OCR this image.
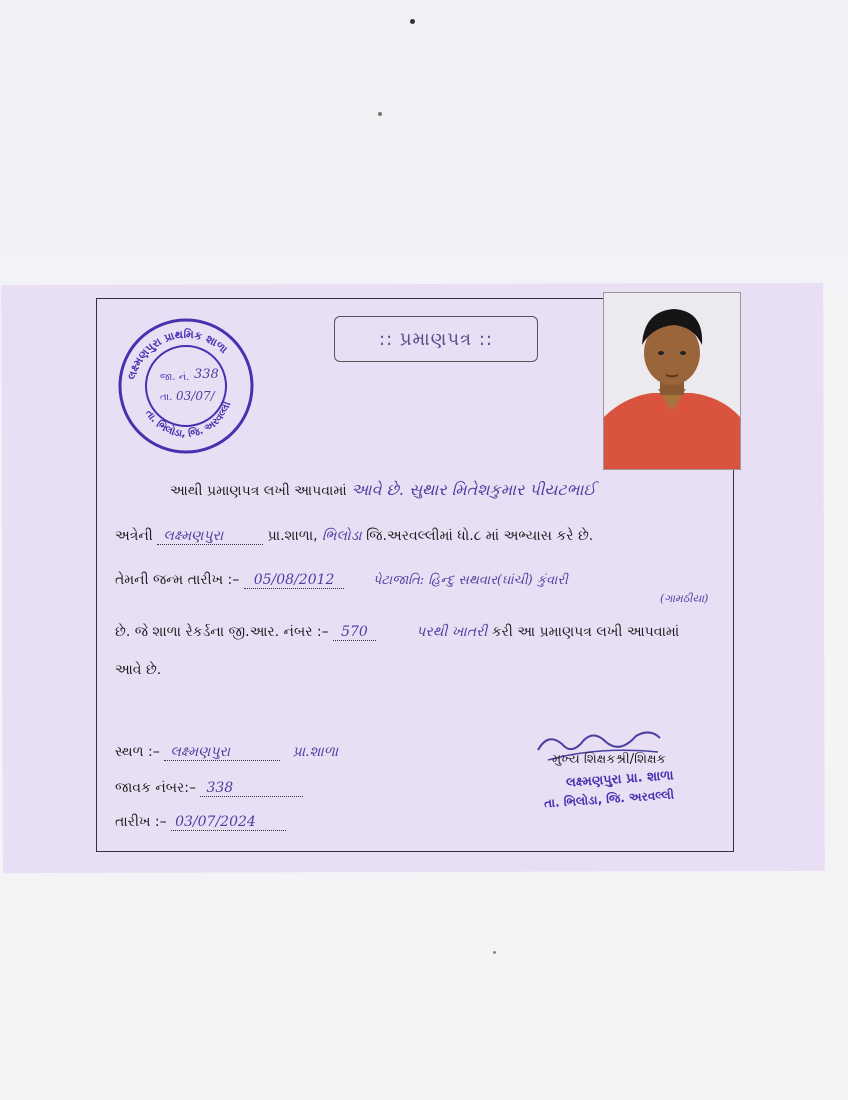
લક્ષ્મણપુરા પ્રાથમિક શાળા
તા. ભિલોડા, જિ. અરવલ્લી
જા. નં. 338
તા. 03/07/
:: પ્રમાણપત્ર ::
આથી પ્રમાણપત્ર લખી આપવામાં આવે છે. સુથાર મિતેશકુમાર પીયટભાઈ
અત્રેની લક્ષ્મણપુરા	પ્રા.શાળા, ભિલોડા જિ.અરવલ્લીમાં ધો.૮ માં અભ્યાસ કરે છે.
તેમની જન્મ તારીખ :– 05/08/2012	પેટાજાતિ: હિન્દુ સથવાર(ઘાંચી) કુંવારી
(ગામઠીયા)
છે. જે શાળા રેકર્ડના જી.આર. નંબર :– 570	પરથી ખાતરી કરી આ પ્રમાણપત્ર લખી આપવામાં
આવે છે.
સ્થળ :– લક્ષ્મણપુરા	પ્રા.શાળા
જાવક નંબર:– 338
તારીખ :– 03/07/2024
મુખ્ય શિક્ષકશ્રી/શિક્ષક
લક્ષ્મણપુરા પ્રા. શાળા
તા. ભિલોડા, જિ. અરવલ્લી
